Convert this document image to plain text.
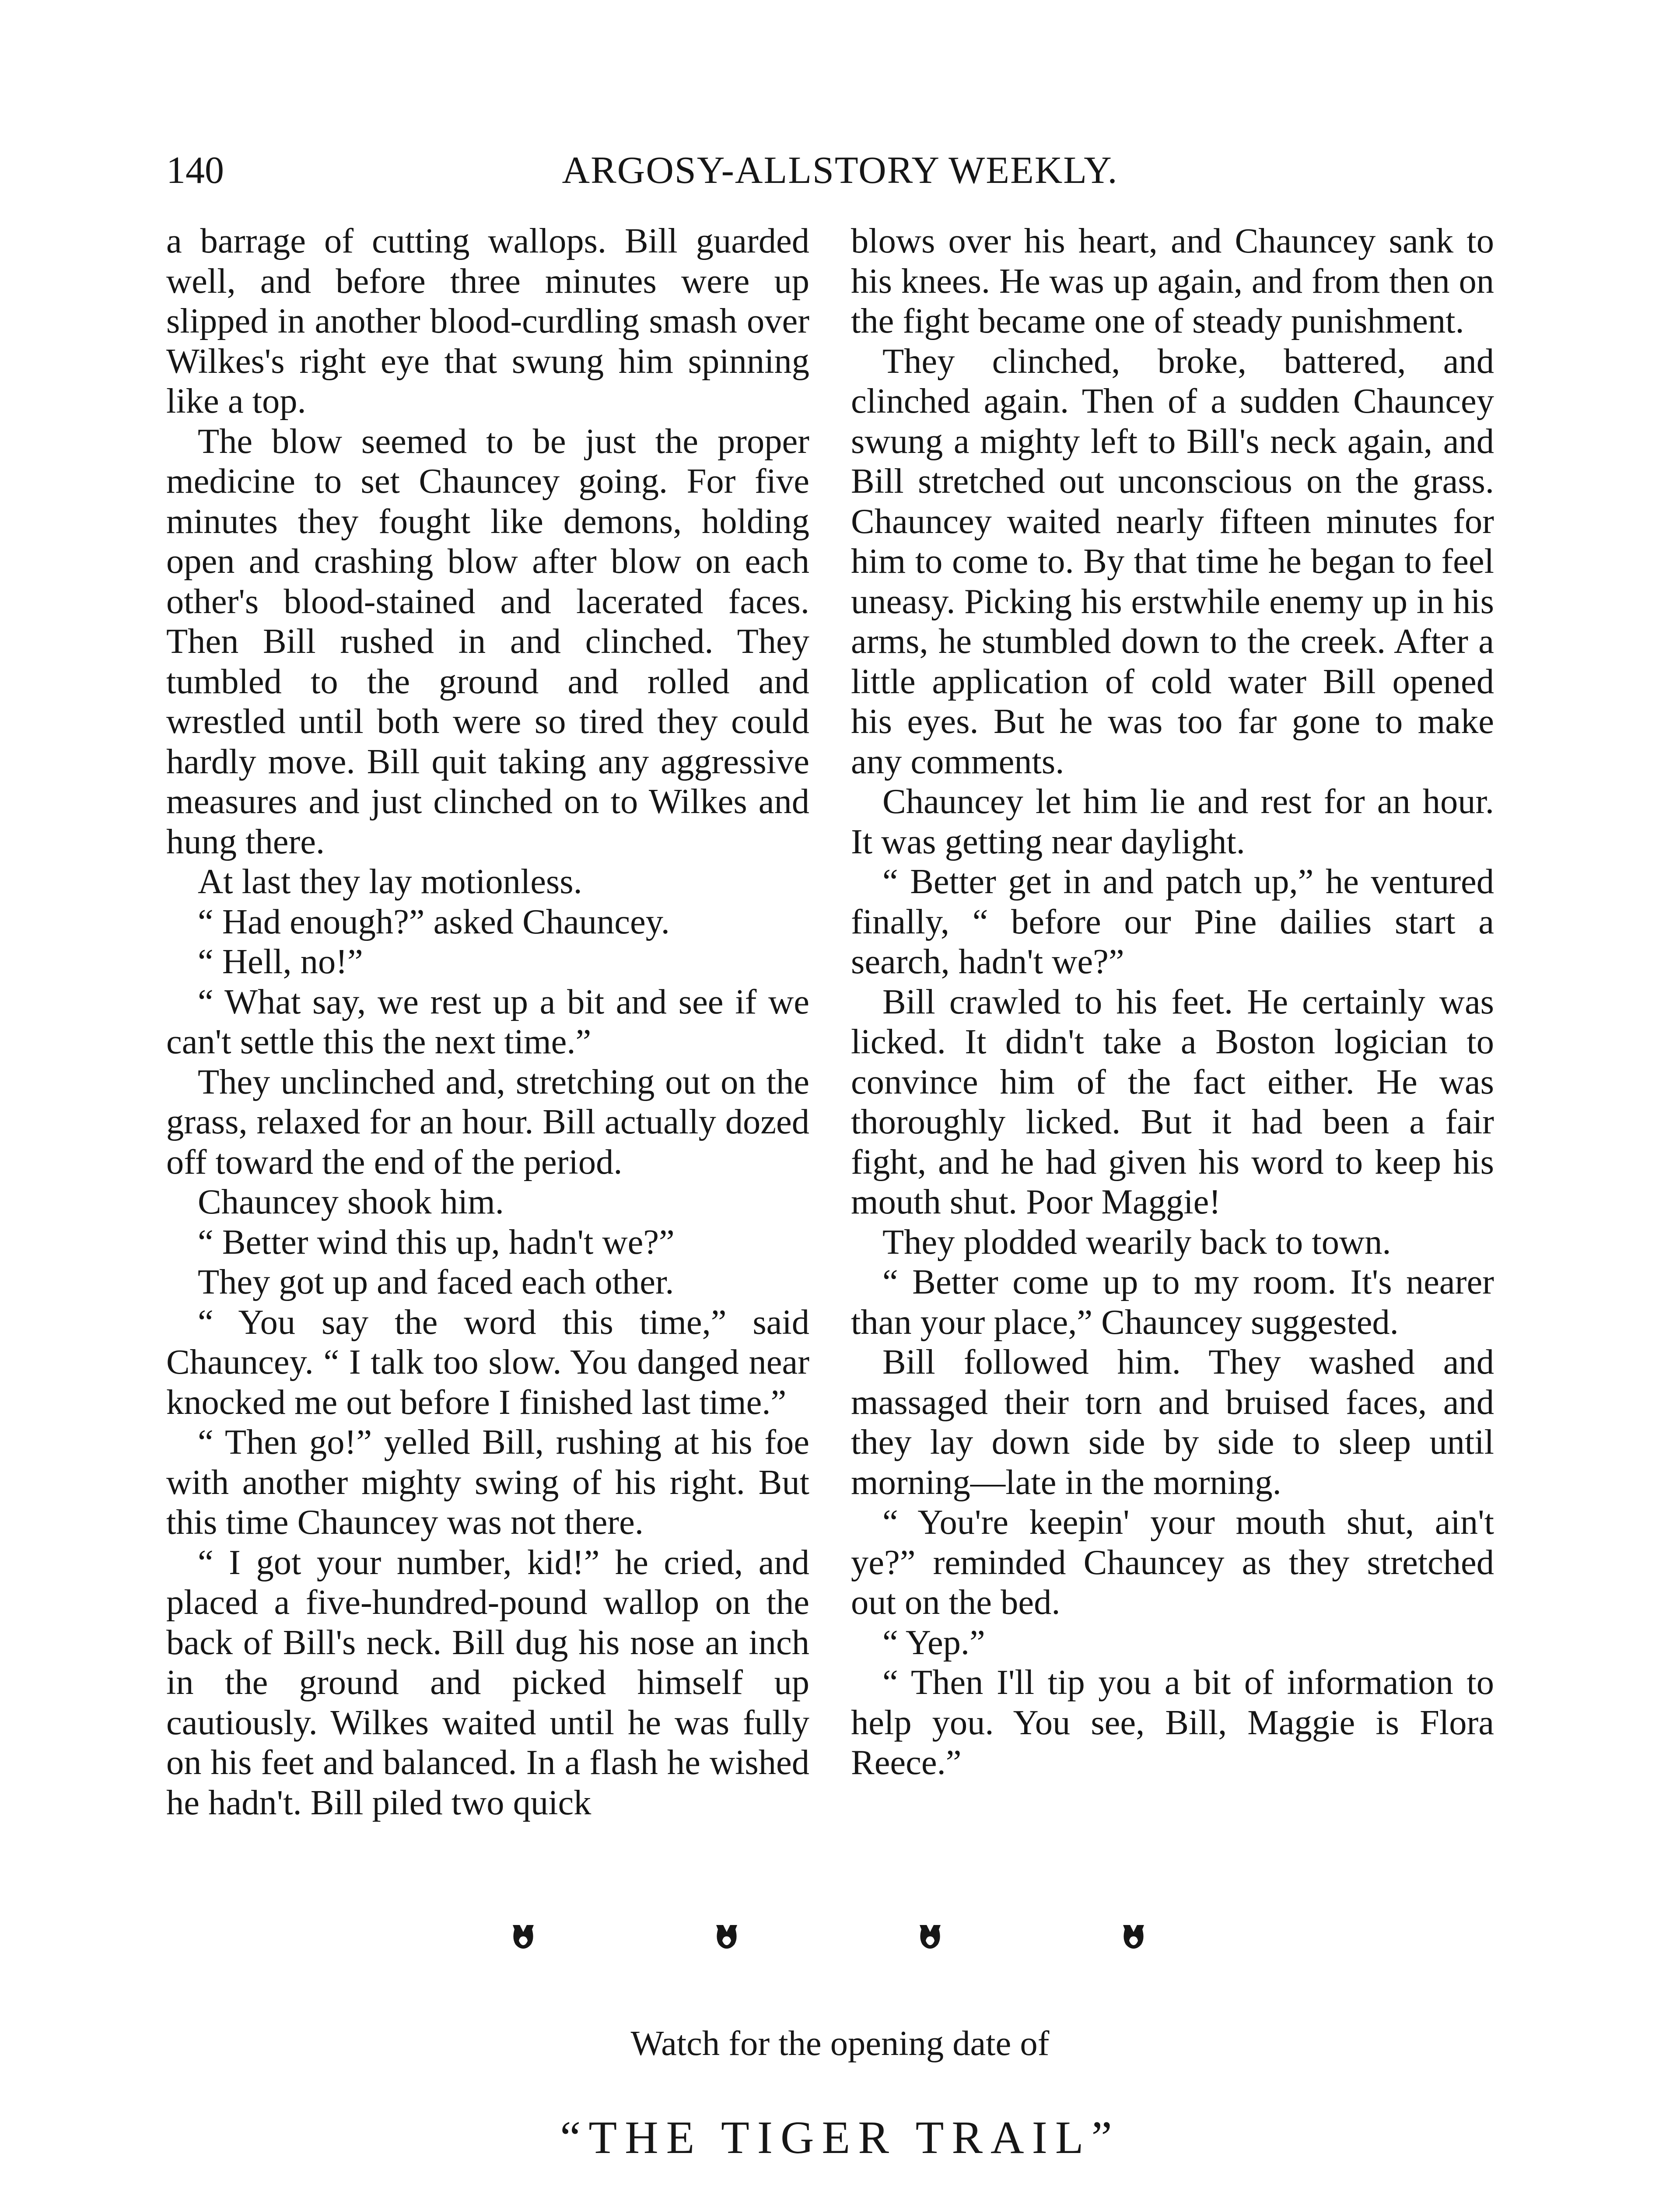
140	ARGOSY-ALLSTORY WEEKLY.

a barrage of cutting wallops. Bill guarded well, and before three minutes were up slipped in another blood-curdling smash over Wilkes's right eye that swung him spinning like a top.

The blow seemed to be just the proper medicine to set Chauncey going. For five minutes they fought like demons, holding open and crashing blow after blow on each other's blood-stained and lacerated faces. Then Bill rushed in and clinched. They tumbled to the ground and rolled and wrestled until both were so tired they could hardly move. Bill quit taking any aggressive measures and just clinched on to Wilkes and hung there.

At last they lay motionless.

“ Had enough?” asked Chauncey.

“ Hell, no!”

“ What say, we rest up a bit and see if we can't settle this the next time.”

They unclinched and, stretching out on the grass, relaxed for an hour. Bill actually dozed off toward the end of the period.

Chauncey shook him.

“ Better wind this up, hadn't we?”

They got up and faced each other.

“ You say the word this time,” said Chauncey. “ I talk too slow. You danged near knocked me out before I finished last time.”

“ Then go!” yelled Bill, rushing at his foe with another mighty swing of his right. But this time Chauncey was not there.

“ I got your number, kid!” he cried, and placed a five-hundred-pound wallop on the back of Bill's neck. Bill dug his nose an inch in the ground and picked himself up cautiously. Wilkes waited until he was fully on his feet and balanced. In a flash he wished he hadn't. Bill piled two quick

blows over his heart, and Chauncey sank to his knees. He was up again, and from then on the fight became one of steady punishment.

They clinched, broke, battered, and clinched again. Then of a sudden Chauncey swung a mighty left to Bill's neck again, and Bill stretched out unconscious on the grass. Chauncey waited nearly fifteen minutes for him to come to. By that time he began to feel uneasy. Picking his erstwhile enemy up in his arms, he stumbled down to the creek. After a little application of cold water Bill opened his eyes. But he was too far gone to make any comments.

Chauncey let him lie and rest for an hour. It was getting near daylight.

“ Better get in and patch up,” he ventured finally, “ before our Pine dailies start a search, hadn't we?”

Bill crawled to his feet. He certainly was licked. It didn't take a Boston logician to convince him of the fact either. He was thoroughly licked. But it had been a fair fight, and he had given his word to keep his mouth shut. Poor Maggie!

They plodded wearily back to town.

“ Better come up to my room. It's nearer than your place,” Chauncey suggested.

Bill followed him. They washed and massaged their torn and bruised faces, and they lay down side by side to sleep until morning—late in the morning.

“ You're keepin' your mouth shut, ain't ye?” reminded Chauncey as they stretched out on the bed.

“ Yep.”

“ Then I'll tip you a bit of information to help you. You see, Bill, Maggie is Flora Reece.”

Watch for the opening date of
“THE TIGER TRAIL”
